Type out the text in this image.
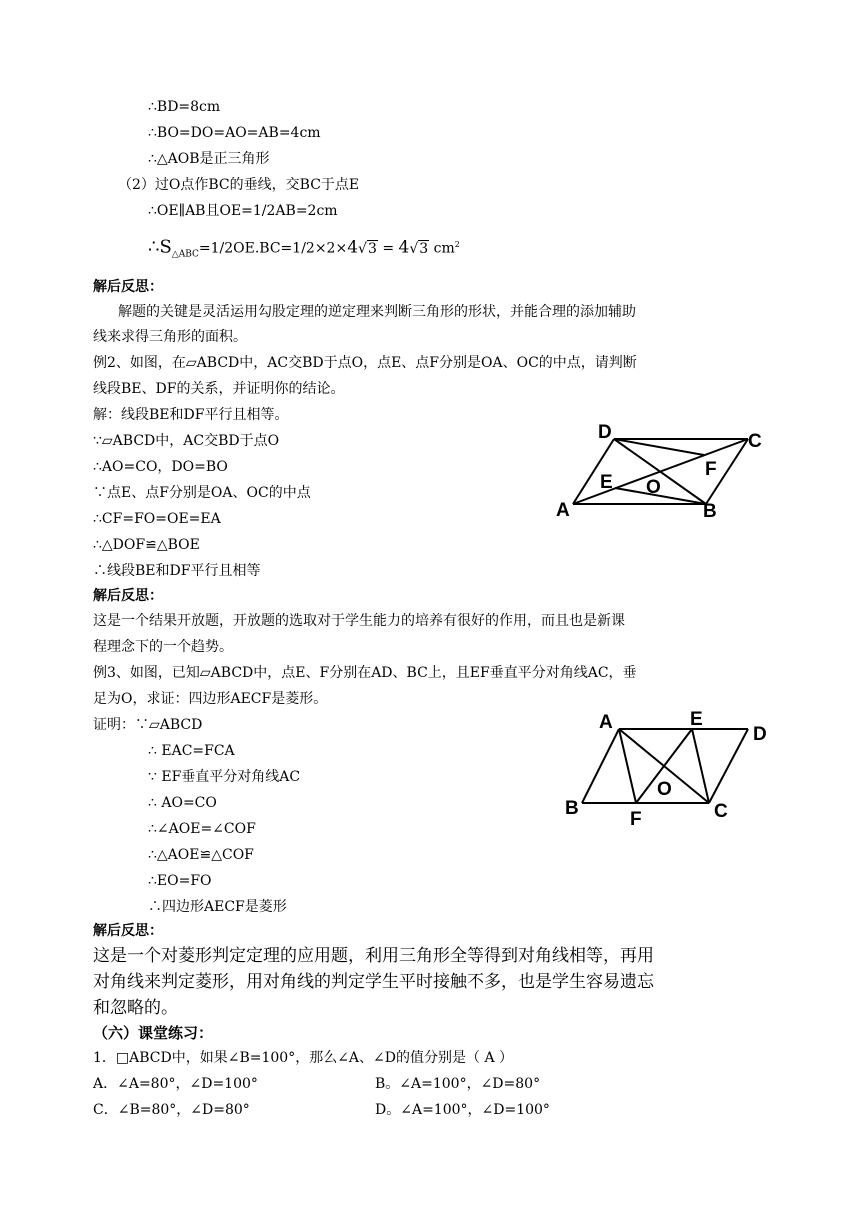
∴BD=8cm
∴BO=DO=AO=AB=4cm
∴△AOB是正三角形
（2）过O点作BC的垂线，交BC于点E
∴OE∥AB且OE=1/2AB=2cm
$\therefore S_{\triangle ABC}=1/2OE.BC=1/2\times 2\times 4√3 = 4√3$ $cm^2$
解后反思：
解题的关键是灵活运用勾股定理的逆定理来判断三角形的形状，并能合理的添加辅助
线来求得三角形的面积。
例2、如图，在▱ABCD中，AC交BD于点O，点E、点F分别是OA、OC的中点，请判断
线段BE、DF的关系，并证明你的结论。
解：线段BE和DF平行且相等。
∵▱ABCD中，AC交BD于点O
∴AO=CO，DO=BO
∵点E、点F分别是OA、OC的中点
∴CF=FO=OE=EA
∴△DOF≌△BOE
∴线段BE和DF平行且相等
D	C
F
E O
A	B
解后反思：
这是一个结果开放题，开放题的选取对于学生能力的培养有很好的作用，而且也是新课
程理念下的一个趋势。
例3、如图，已知▱ABCD中，点E、F分别在AD、BC上，且EF垂直平分对角线AC，垂
足为O，求证：四边形AECF是菱形。
证明：∵▱ABCD
∴ EAC=FCA
∵ EF垂直平分对角线AC
∴ AO=CO
∴∠AOE=∠COF
∴△AOE≌△COF
∴EO=FO
∴四边形AECF是菱形
A	E
D
O
B
F	C
解后反思：
这是一个对菱形判定定理的应用题，利用三角形全等得到对角线相等，再用
对角线来判定菱形，用对角线的判定学生平时接触不多，也是学生容易遗忘
和忽略的。
（六）课堂练习：
1．□ABCD中，如果∠B=100°，那么∠A、∠D的值分别是（ A ）
A．∠A=80°，∠D=100°	B。∠A=100°，∠D=80°
C．∠B=80°，∠D=80°	D。∠A=100°，∠D=100°
